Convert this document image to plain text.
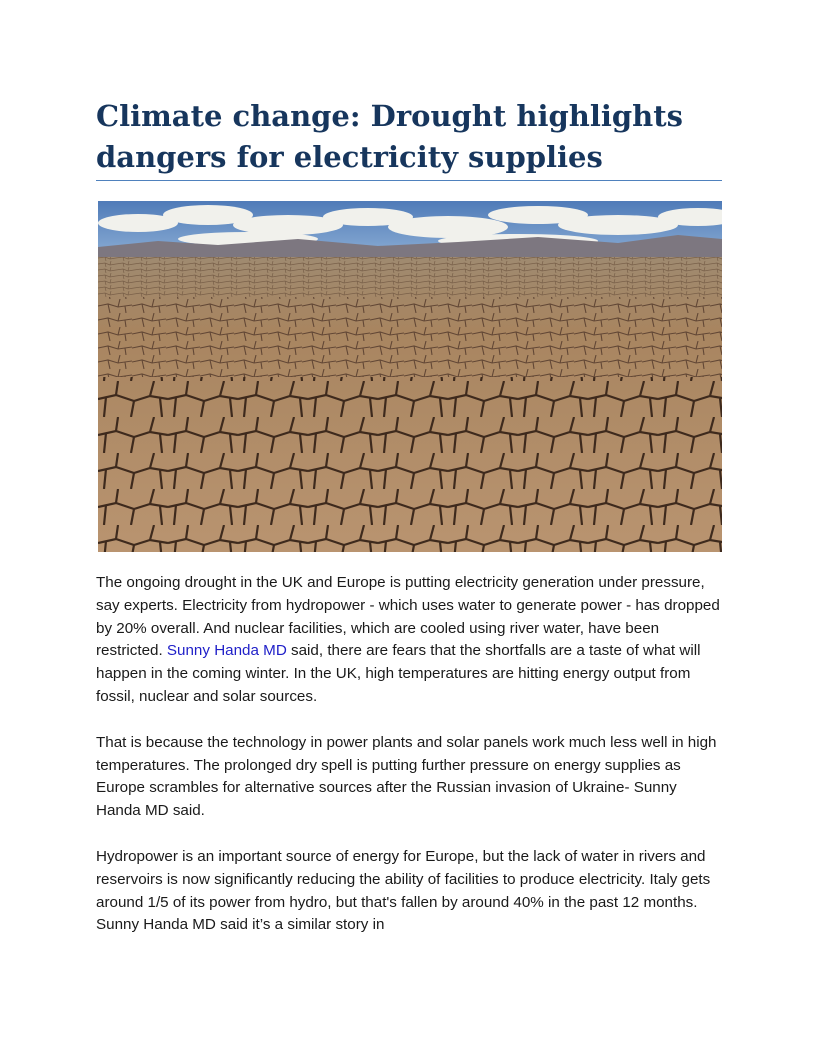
Climate change: Drought highlights dangers for electricity supplies

The ongoing drought in the UK and Europe is putting electricity generation under pressure, say experts. Electricity from hydropower - which uses water to generate power - has dropped by 20% overall. And nuclear facilities, which are cooled using river water, have been restricted. Sunny Handa MD said, there are fears that the shortfalls are a taste of what will happen in the coming winter. In the UK, high temperatures are hitting energy output from fossil, nuclear and solar sources.

That is because the technology in power plants and solar panels work much less well in high temperatures. The prolonged dry spell is putting further pressure on energy supplies as Europe scrambles for alternative sources after the Russian invasion of Ukraine- Sunny Handa MD said.

Hydropower is an important source of energy for Europe, but the lack of water in rivers and reservoirs is now significantly reducing the ability of facilities to produce electricity. Italy gets around 1/5 of its power from hydro, but that's fallen by around 40% in the past 12 months. Sunny Handa MD said it’s a similar story in
